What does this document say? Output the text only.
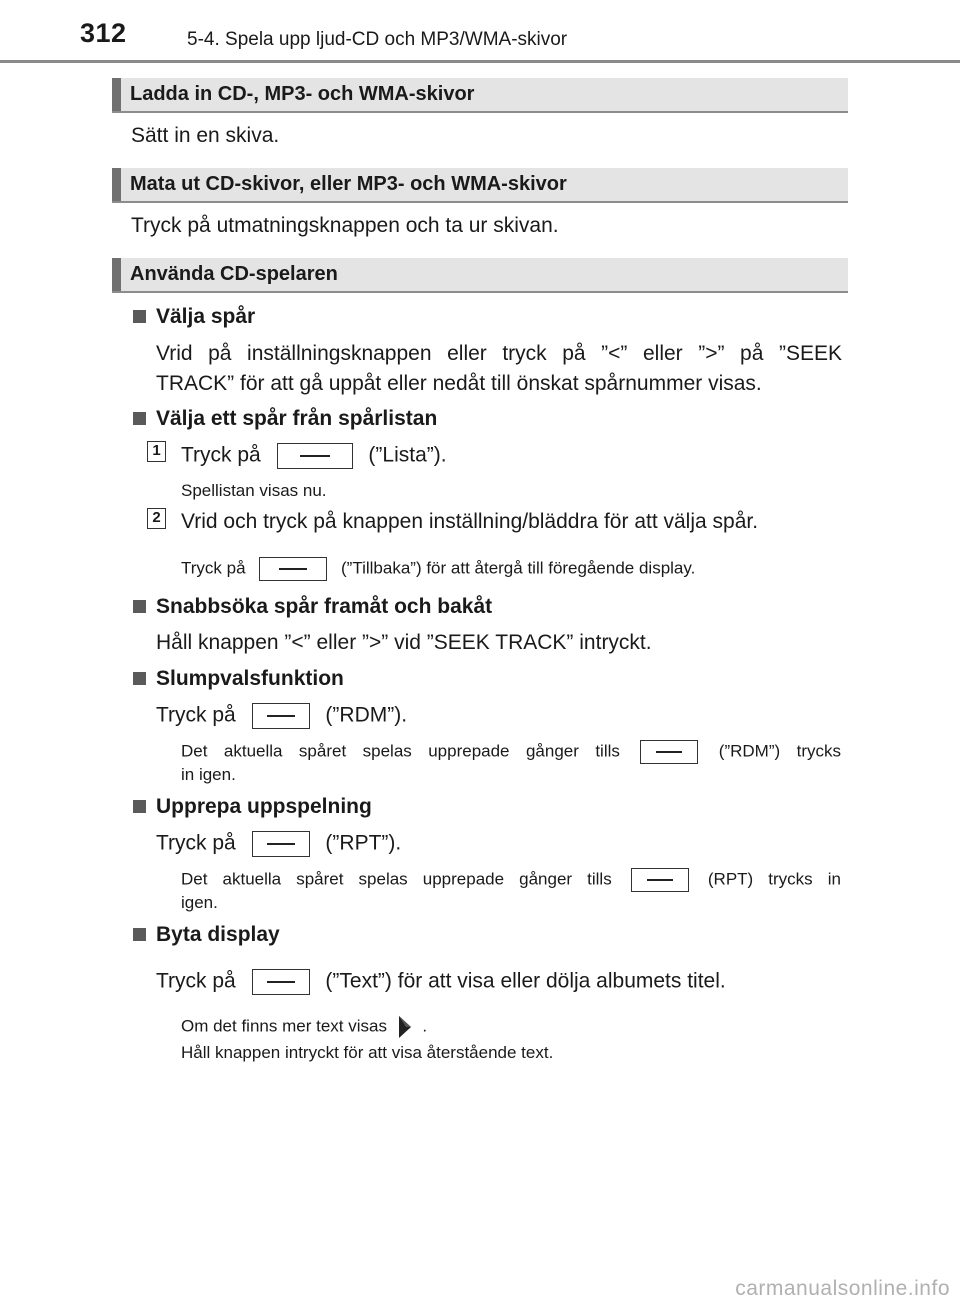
312	5-4. Spela upp ljud-CD och MP3/WMA-skivor
Ladda in CD-, MP3- och WMA-skivor
Sätt in en skiva.
Mata ut CD-skivor, eller MP3- och WMA-skivor
Tryck på utmatningsknappen och ta ur skivan.
Använda CD-spelaren
Välja spår
Vrid på inställningsknappen eller tryck på ”<” eller ”>” på ”SEEK
TRACK” för att gå uppåt eller nedåt till önskat spårnummer visas.
Välja ett spår från spårlistan
1 Tryck på	(”Lista”).
Spellistan visas nu.
2 Vrid och tryck på knappen inställning/bläddra för att välja spår.
Tryck på	(”Tillbaka”) för att återgå till föregående display.
Snabbsöka spår framåt och bakåt
Håll knappen ”<” eller ”>” vid ”SEEK TRACK” intryckt.
Slumpvalsfunktion
Tryck på	(”RDM”).
Det aktuella spåret spelas upprepade gånger tills	(”RDM”) trycks
in igen.
Upprepa uppspelning
Tryck på	(”RPT”).
Det aktuella spåret spelas upprepade gånger tills	(RPT) trycks in
igen.
Byta display
Tryck på	(”Text”) för att visa eller dölja albumets titel.
Om det finns mer text visas .
Håll knappen intryckt för att visa återstående text.
carmanualsonline.info
